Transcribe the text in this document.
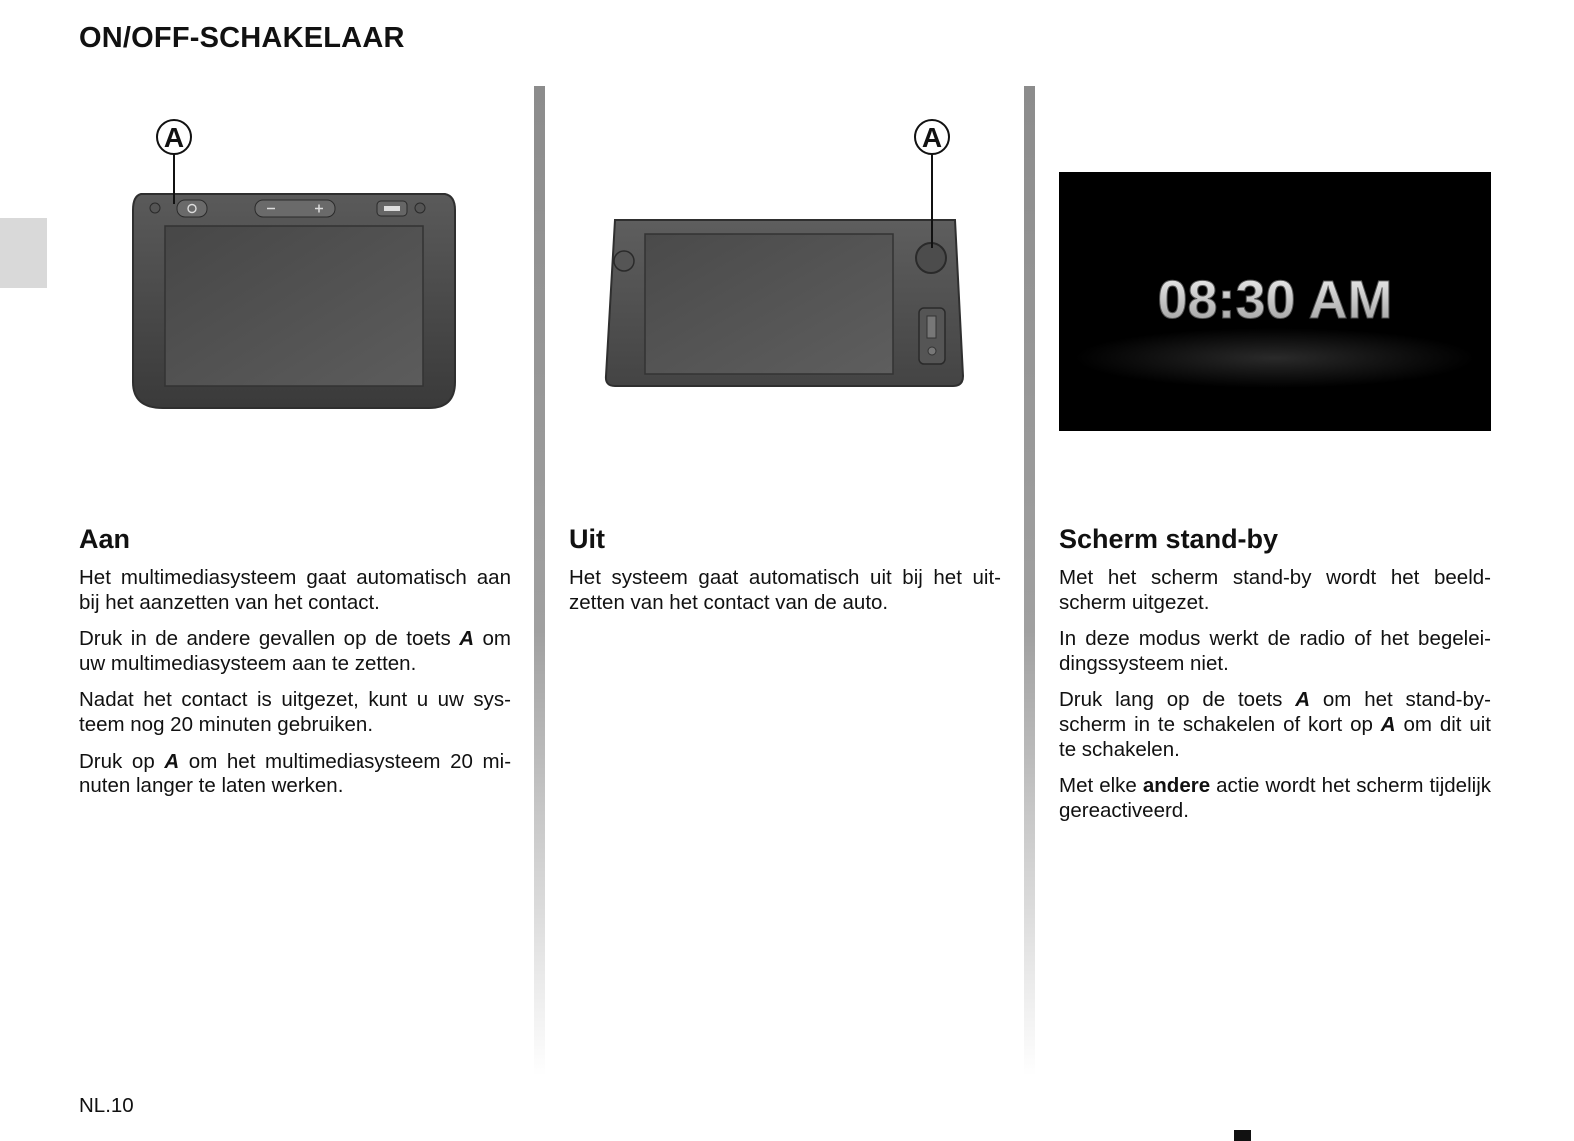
ON/OFF-SCHAKELAAR
A
Aan

Het multimediasysteem gaat automatisch aan bij het aanzetten van het contact.

Druk in de andere gevallen op de toets A om uw multimediasysteem aan te zetten.

Nadat het contact is uitgezet, kunt u uw systeem nog 20 minuten gebruiken.

Druk op A om het multimediasysteem 20 minuten langer te laten werken.

A
Uit

Het systeem gaat automatisch uit bij het uitzetten van het contact van de auto.

08:30 AM
Scherm stand-by

Met het scherm stand-by wordt het beeldscherm uitgezet.

In deze modus werkt de radio of het begeleidingssysteem niet.

Druk lang op de toets A om het stand-by-scherm in te schakelen of kort op A om dit uit te schakelen.

Met elke andere actie wordt het scherm tijdelijk gereactiveerd.

NL.10
